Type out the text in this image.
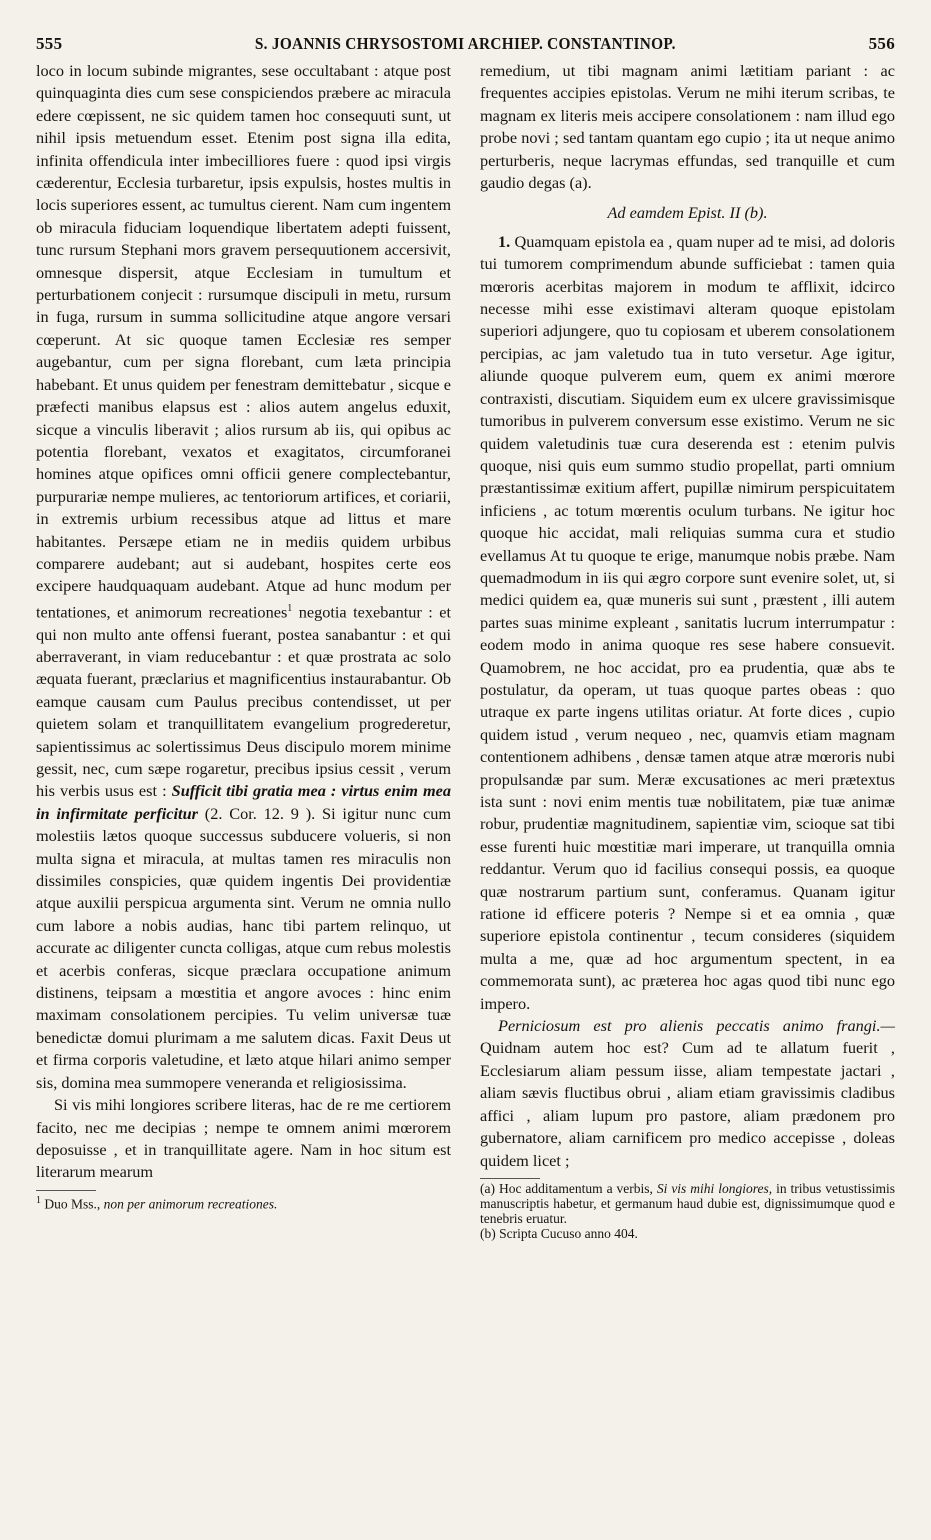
555	S. JOANNIS CHRYSOSTOMI ARCHIEP. CONSTANTINOP.	556

loco in locum subinde migrantes, sese occultabant : atque post quinquaginta dies cum sese conspiciendos præbere ac miracula edere cœpissent, ne sic quidem tamen hoc consequuti sunt, ut nihil ipsis metuendum esset. Etenim post signa illa edita, infinita offendicula inter imbecilliores fuere : quod ipsi virgis cæderentur, Ecclesia turbaretur, ipsis expulsis, hostes multis in locis superiores essent, ac tumultus cierent. Nam cum ingentem ob miracula fiduciam loquendique libertatem adepti fuissent, tunc rursum Stephani mors gravem persequutionem accersivit, omnesque dispersit, atque Ecclesiam in tumultum et perturbationem conjecit : rursumque discipuli in metu, rursum in fuga, rursum in summa sollicitudine atque angore versari cœperunt. At sic quoque tamen Ecclesiæ res semper augebantur, cum per signa florebant, cum læta principia habebant. Et unus quidem per fenestram demittebatur , sicque e præfecti manibus elapsus est : alios autem angelus eduxit, sicque a vinculis liberavit ; alios rursum ab iis, qui opibus ac potentia florebant, vexatos et exagitatos, circumforanei homines atque opifices omni officii genere complectebantur, purpurariæ nempe mulieres, ac tentoriorum artifices, et coriarii, in extremis urbium recessibus atque ad littus et mare habitantes. Persæpe etiam ne in mediis quidem urbibus comparere audebant; aut si audebant, hospites certe eos excipere haudquaquam audebant. Atque ad hunc modum per tentationes, et animorum recreationes$^1$ negotia texebantur : et qui non multo ante offensi fuerant, postea sanabantur : et qui aberraverant, in viam reducebantur : et quæ prostrata ac solo æquata fuerant, præclarius et magnificentius instaurabantur. Ob eamque causam cum Paulus precibus contendisset, ut per quietem solam et tranquillitatem evangelium progrederetur, sapientissimus ac solertissimus Deus discipulo morem minime gessit, nec, cum sæpe rogaretur, precibus ipsius cessit , verum his verbis usus est : Sufficit tibi gratia mea : virtus enim mea in infirmitate perficitur (2. Cor. 12. 9 ). Si igitur nunc cum molestiis lætos quoque successus subducere volueris, si non multa signa et miracula, at multas tamen res miraculis non dissimiles conspicies, quæ quidem ingentis Dei providentiæ atque auxilii perspicua argumenta sint. Verum ne omnia nullo cum labore a nobis audias, hanc tibi partem relinquo, ut accurate ac diligenter cuncta colligas, atque cum rebus molestis et acerbis conferas, sicque præclara occupatione animum distinens, teipsam a mœstitia et angore avoces : hinc enim maximam consolationem percipies. Tu velim universæ tuæ benedictæ domui plurimam a me salutem dicas. Faxit Deus ut et firma corporis valetudine, et læto atque hilari animo semper sis, domina mea summopere veneranda et religiosissima.

Si vis mihi longiores scribere literas, hac de re me certiorem facito, nec me decipias ; nempe te omnem animi mœrorem deposuisse , et in tranquillitate agere. Nam in hoc situm est literarum mearum

$^1$ Duo Mss., non per animorum recreationes.

remedium, ut tibi magnam animi lætitiam pariant : ac frequentes accipies epistolas. Verum ne mihi iterum scribas, te magnam ex literis meis accipere consolationem : nam illud ego probe novi ; sed tantam quantam ego cupio ; ita ut neque animo perturberis, neque lacrymas effundas, sed tranquille et cum gaudio degas (a).

Ad eamdem Epist. II (b).

1. Quamquam epistola ea , quam nuper ad te misi, ad doloris tui tumorem comprimendum abunde sufficiebat : tamen quia mœroris acerbitas majorem in modum te afflixit, idcirco necesse mihi esse existimavi alteram quoque epistolam superiori adjungere, quo tu copiosam et uberem consolationem percipias, ac jam valetudo tua in tuto versetur. Age igitur, aliunde quoque pulverem eum, quem ex animi mœrore contraxisti, discutiam. Siquidem eum ex ulcere gravissimisque tumoribus in pulverem conversum esse existimo. Verum ne sic quidem valetudinis tuæ cura deserenda est : etenim pulvis quoque, nisi quis eum summo studio propellat, parti omnium præstantissimæ exitium affert, pupillæ nimirum perspicuitatem inficiens , ac totum mœrentis oculum turbans. Ne igitur hoc quoque hic accidat, mali reliquias summa cura et studio evellamus At tu quoque te erige, manumque nobis præbe. Nam quemadmodum in iis qui ægro corpore sunt evenire solet, ut, si medici quidem ea, quæ muneris sui sunt , præstent , illi autem partes suas minime expleant , sanitatis lucrum interrumpatur : eodem modo in anima quoque res sese habere consuevit. Quamobrem, ne hoc accidat, pro ea prudentia, quæ abs te postulatur, da operam, ut tuas quoque partes obeas : quo utraque ex parte ingens utilitas oriatur. At forte dices , cupio quidem istud , verum nequeo , nec, quamvis etiam magnam contentionem adhibens , densæ tamen atque atræ mœroris nubi propulsandæ par sum. Meræ excusationes ac meri prætextus ista sunt : novi enim mentis tuæ nobilitatem, piæ tuæ animæ robur, prudentiæ magnitudinem, sapientiæ vim, scioque sat tibi esse furenti huic mœstitiæ mari imperare, ut tranquilla omnia reddantur. Verum quo id facilius consequi possis, ea quoque quæ nostrarum partium sunt, conferamus. Quanam igitur ratione id efficere poteris ? Nempe si et ea omnia , quæ superiore epistola continentur , tecum consideres (siquidem multa a me, quæ ad hoc argumentum spectent, in ea commemorata sunt), ac præterea hoc agas quod tibi nunc ego impero.

Perniciosum est pro alienis peccatis animo frangi.— Quidnam autem hoc est? Cum ad te allatum fuerit , Ecclesiarum aliam pessum iisse, aliam tempestate jactari , aliam sævis fluctibus obrui , aliam etiam gravissimis cladibus affici , aliam lupum pro pastore, aliam prædonem pro gubernatore, aliam carnificem pro medico accepisse , doleas quidem licet ;

(a) Hoc additamentum a verbis, Si vis mihi longiores, in tribus vetustissimis manuscriptis habetur, et germanum haud dubie est, dignissimumque quod e tenebris eruatur.
(b) Scripta Cucuso anno 404.
